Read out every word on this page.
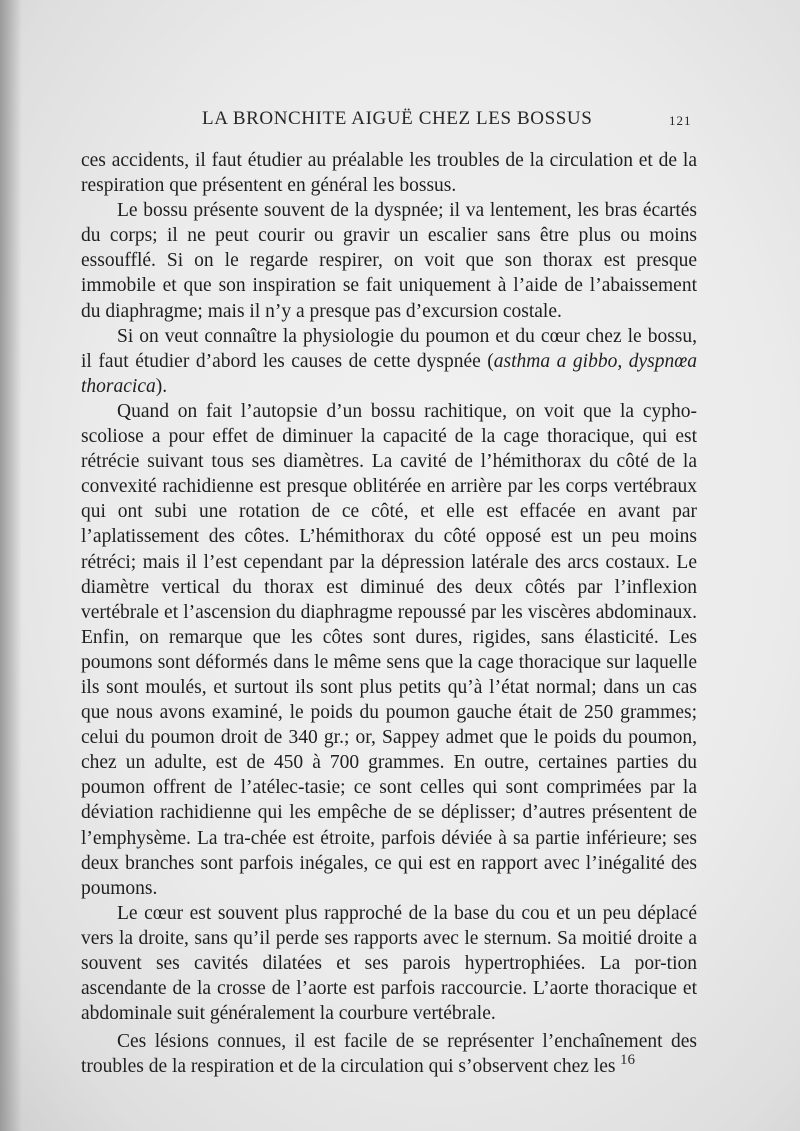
LA BRONCHITE AIGUË CHEZ LES BOSSUS	121

ces accidents, il faut étudier au préalable les troubles de la circulation et de la respiration que présentent en général les bossus.

Le bossu présente souvent de la dyspnée; il va lentement, les bras écartés du corps; il ne peut courir ou gravir un escalier sans être plus ou moins essoufflé. Si on le regarde respirer, on voit que son thorax est presque immobile et que son inspiration se fait uniquement à l’aide de l’abaissement du diaphragme; mais il n’y a presque pas d’excursion costale.

Si on veut connaître la physiologie du poumon et du cœur chez le bossu, il faut étudier d’abord les causes de cette dyspnée (asthma a gibbo, dyspnœa thoracica).

Quand on fait l’autopsie d’un bossu rachitique, on voit que la cypho-scoliose a pour effet de diminuer la capacité de la cage thoracique, qui est rétrécie suivant tous ses diamètres. La cavité de l’hémithorax du côté de la convexité rachidienne est presque oblitérée en arrière par les corps vertébraux qui ont subi une rotation de ce côté, et elle est effacée en avant par l’aplatissement des côtes. L’hémithorax du côté opposé est un peu moins rétréci; mais il l’est cependant par la dépression latérale des arcs costaux. Le diamètre vertical du thorax est diminué des deux côtés par l’inflexion vertébrale et l’ascension du diaphragme repoussé par les viscères abdominaux. Enfin, on remarque que les côtes sont dures, rigides, sans élasticité. Les poumons sont déformés dans le même sens que la cage thoracique sur laquelle ils sont moulés, et surtout ils sont plus petits qu’à l’état normal; dans un cas que nous avons examiné, le poids du poumon gauche était de 250 grammes; celui du poumon droit de 340 gr.; or, Sappey admet que le poids du poumon, chez un adulte, est de 450 à 700 grammes. En outre, certaines parties du poumon offrent de l’atélec-tasie; ce sont celles qui sont comprimées par la déviation rachidienne qui les empêche de se déplisser; d’autres présentent de l’emphysème. La tra-chée est étroite, parfois déviée à sa partie inférieure; ses deux branches sont parfois inégales, ce qui est en rapport avec l’inégalité des poumons.

Le cœur est souvent plus rapproché de la base du cou et un peu déplacé vers la droite, sans qu’il perde ses rapports avec le sternum. Sa moitié droite a souvent ses cavités dilatées et ses parois hypertrophiées. La por-tion ascendante de la crosse de l’aorte est parfois raccourcie. L’aorte thoracique et abdominale suit généralement la courbure vertébrale.

Ces lésions connues, il est facile de se représenter l’enchaînement des troubles de la respiration et de la circulation qui s’observent chez les 16
